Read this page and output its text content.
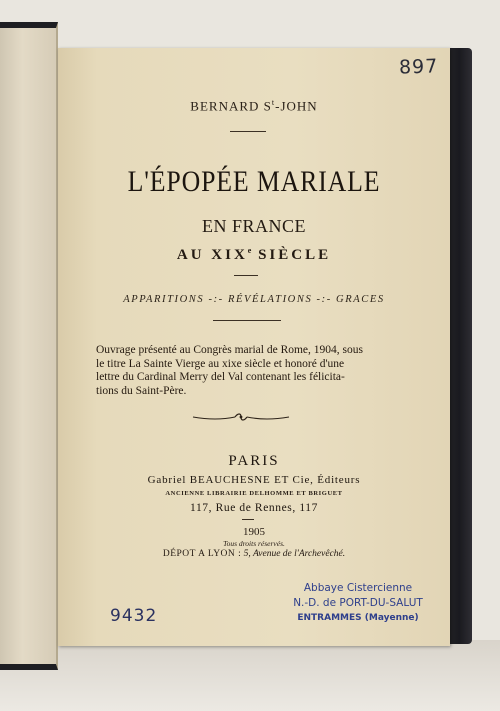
897
BERNARD $S^t$-JOHN
L'ÉPOPÉE MARIALE
EN FRANCE
AU XIXe SIÈCLE
APPARITIONS -:- RÉVÉLATIONS -:- GRACES
Ouvrage présenté au Congrès marial de Rome, 1904, sous
le titre La Sainte Vierge au xixe siècle et honoré d'une
lettre du Cardinal Merry del Val contenant les félicita-
tions du Saint-Père.
PARIS
Gabriel BEAUCHESNE ET Cie, Éditeurs
ANCIENNE LIBRAIRIE DELHOMME ET BRIGUET
117, Rue de Rennes, 117
1905
Tous droits réservés.
DÉPOT A LYON : 5, Avenue de l'Archevêché.
9432
Abbaye Cistercienne
N.-D. de PORT-DU-SALUT
ENTRAMMES (Mayenne)
